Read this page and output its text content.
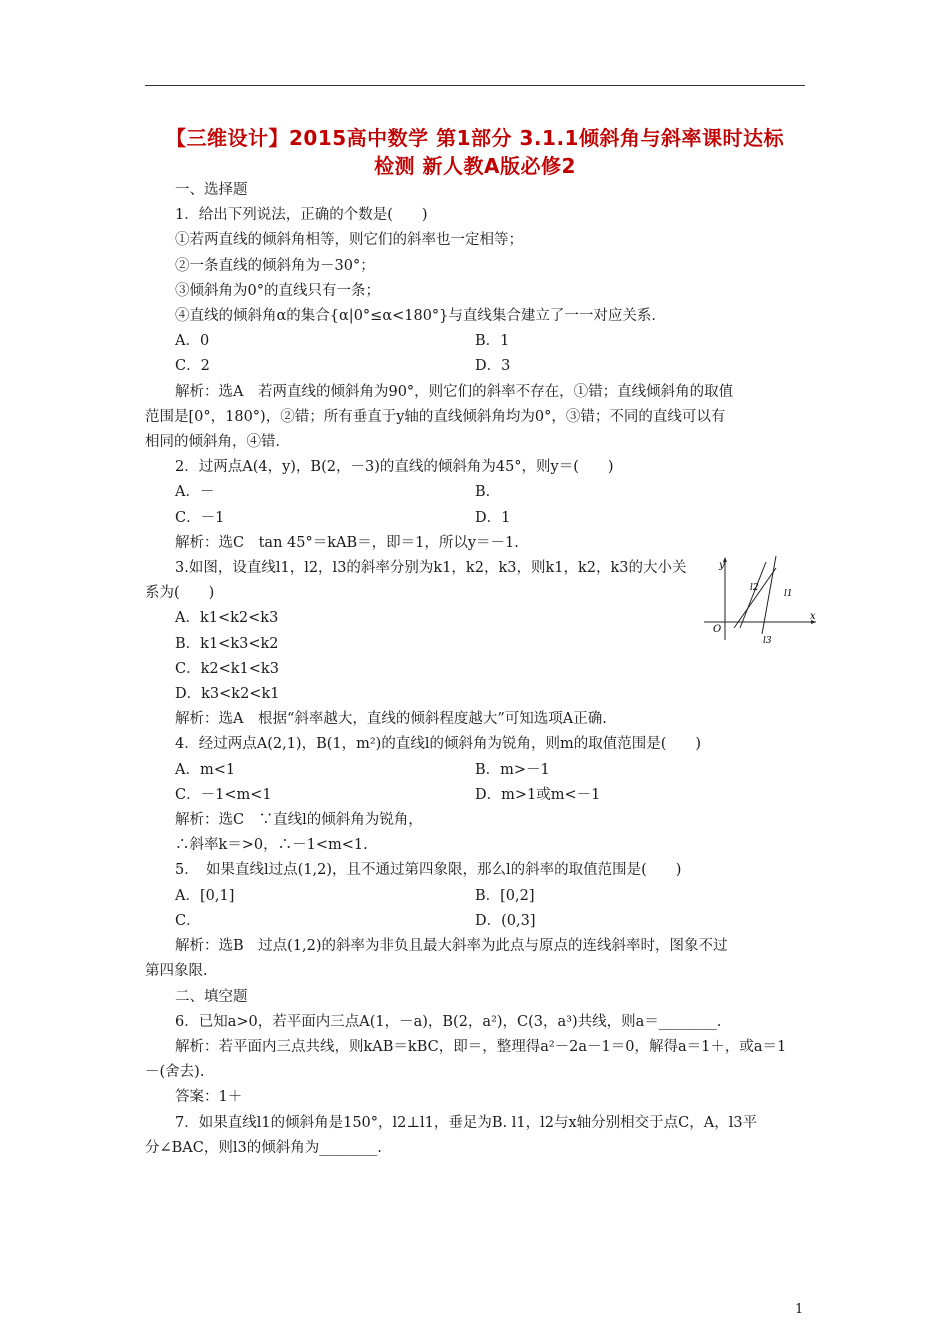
【三维设计】2015高中数学 第1部分 3.1.1倾斜角与斜率课时达标
检测 新人教A版必修2

一、选择题

1．给出下列说法，正确的个数是(　　)

①若两直线的倾斜角相等，则它们的斜率也一定相等；

②一条直线的倾斜角为－30°；

③倾斜角为0°的直线只有一条；

④直线的倾斜角α的集合{α|0°≤α<180°}与直线集合建立了一一对应关系．

A．0	B．1
C．2	D．3

解析：选A　若两直线的倾斜角为90°，则它们的斜率不存在，①错；直线倾斜角的取值

范围是[0°，180°)，②错；所有垂直于y轴的直线倾斜角均为0°，③错；不同的直线可以有

相同的倾斜角，④错．

2．过两点A(4，y)，B(2，－3)的直线的倾斜角为45°，则y＝(　　)

A．－	B．
C．－1	D．1

解析：选C　tan 45°＝kAB＝，即＝1，所以y＝－1.

3.如图，设直线l1，l2，l3的斜率分别为k1，k2，k3，则k1，k2，k3的大小关

系为(　　)

A．k1<k2<k3

B．k1<k3<k2

C．k2<k1<k3

D．k3<k2<k1

解析：选A　根据“斜率越大，直线的倾斜程度越大”可知选项A正确.

4．经过两点A(2,1)，B(1，m²)的直线l的倾斜角为锐角，则m的取值范围是(　　)

A．m<1	B．m>－1
C．－1<m<1	D．m>1或m<－1

解析：选C　∵直线l的倾斜角为锐角，

∴斜率k＝>0，∴－1<m<1.

5．　如果直线l过点(1,2)，且不通过第四象限，那么l的斜率的取值范围是(　　)

A．[0,1]	B．[0,2]
C．	D．(0,3]

解析：选B　过点(1,2)的斜率为非负且最大斜率为此点与原点的连线斜率时，图象不过

第四象限.

二、填空题

6．已知a>0，若平面内三点A(1，－a)，B(2，a²)，C(3，a³)共线，则a＝________.

解析：若平面内三点共线，则kAB＝kBC，即＝，整理得a²－2a－1＝0，解得a＝1＋，或a＝1

－(舍去).

答案：1＋

7．如果直线l1的倾斜角是150°，l2⊥l1，垂足为B. l1，l2与x轴分别相交于点C，A，l3平

分∠BAC，则l3的倾斜角为________.

y
x
O
l1
l2
l3
1
